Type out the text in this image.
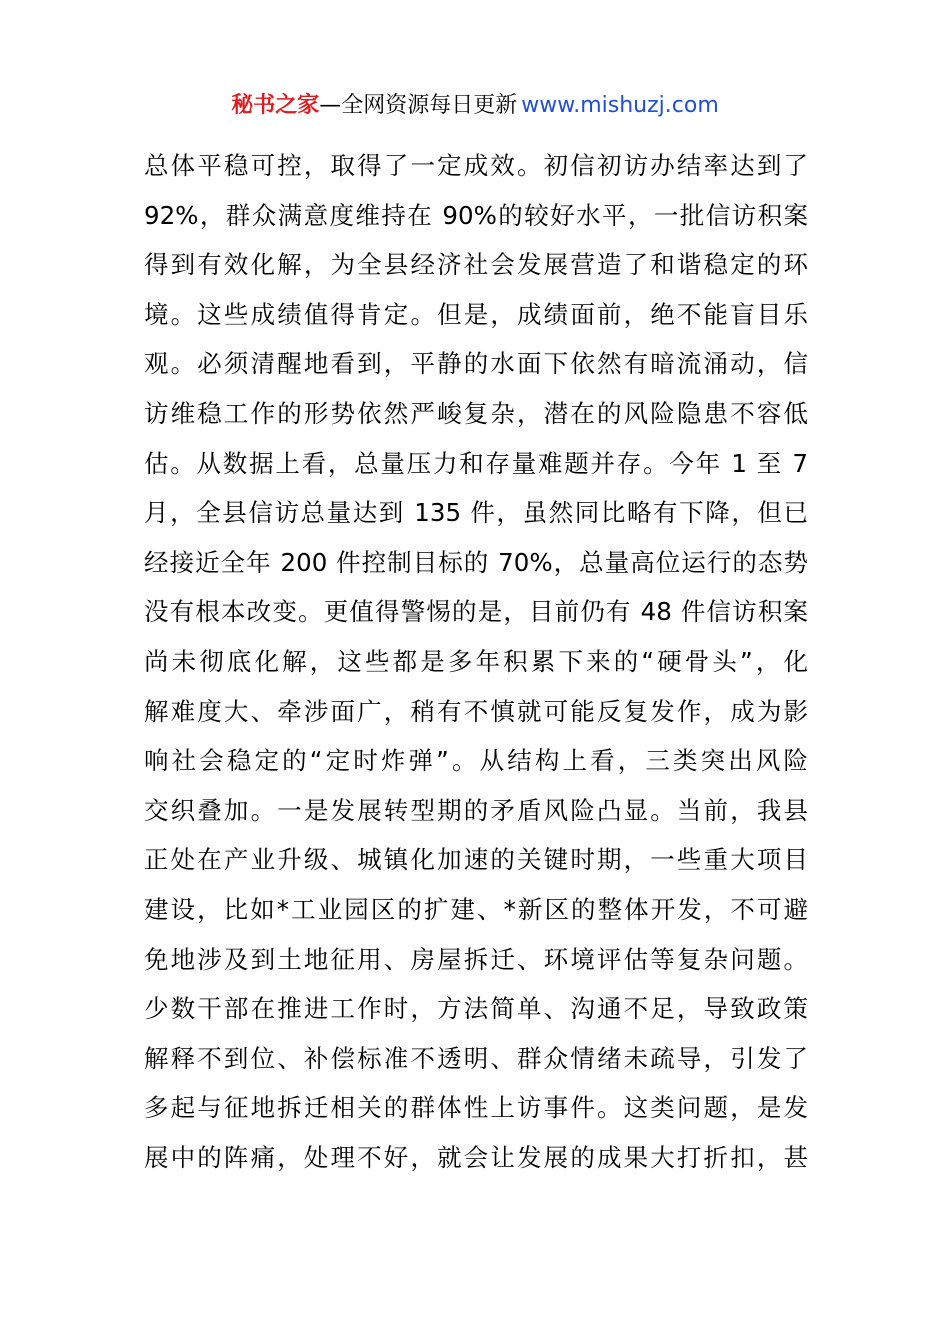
秘书之家—全网资源每日更新 www.mishuzj.com
总体平稳可控，取得了一定成效。初信初访办结率达到了
92%，群众满意度维持在 90%的较好水平，一批信访积案
得到有效化解，为全县经济社会发展营造了和谐稳定的环
境。这些成绩值得肯定。但是，成绩面前，绝不能盲目乐
观。必须清醒地看到，平静的水面下依然有暗流涌动，信
访维稳工作的形势依然严峻复杂，潜在的风险隐患不容低
估。从数据上看，总量压力和存量难题并存。今年 1 至 7
月，全县信访总量达到 135 件，虽然同比略有下降，但已
经接近全年 200 件控制目标的 70%，总量高位运行的态势
没有根本改变。更值得警惕的是，目前仍有 48 件信访积案
尚未彻底化解，这些都是多年积累下来的“硬骨头”，化
解难度大、牵涉面广，稍有不慎就可能反复发作，成为影
响社会稳定的“定时炸弹”。从结构上看，三类突出风险
交织叠加。一是发展转型期的矛盾风险凸显。当前，我县
正处在产业升级、城镇化加速的关键时期，一些重大项目
建设，比如*工业园区的扩建、*新区的整体开发，不可避
免地涉及到土地征用、房屋拆迁、环境评估等复杂问题。
少数干部在推进工作时，方法简单、沟通不足，导致政策
解释不到位、补偿标准不透明、群众情绪未疏导，引发了
多起与征地拆迁相关的群体性上访事件。这类问题，是发
展中的阵痛，处理不好，就会让发展的成果大打折扣，甚
